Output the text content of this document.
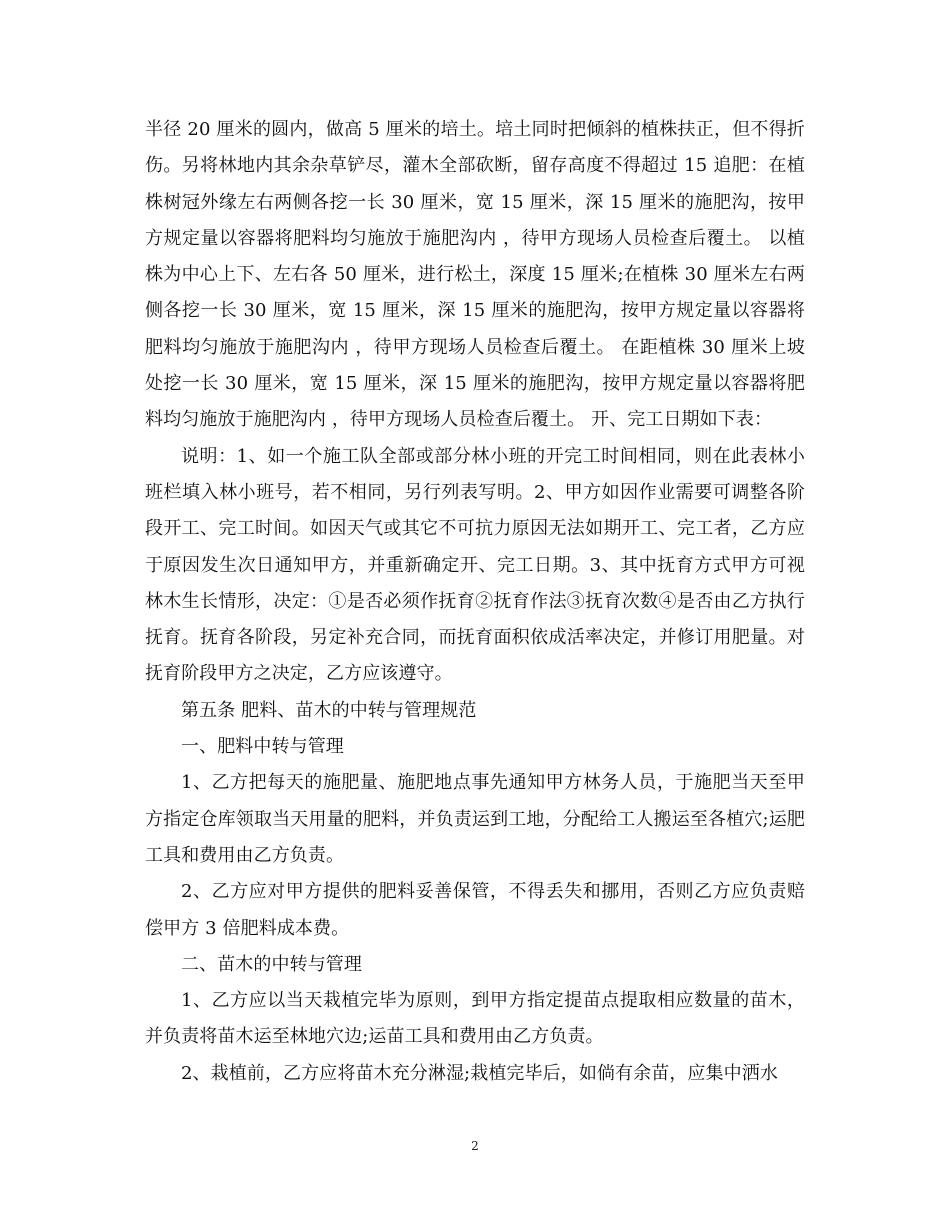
半径 20 厘米的圆内，做高 5 厘米的培土。培土同时把倾斜的植株扶正，但不得折伤。另将林地内其余杂草铲尽，灌木全部砍断，留存高度不得超过 15 追肥：在植株树冠外缘左右两侧各挖一长 30 厘米，宽 15 厘米，深 15 厘米的施肥沟，按甲方规定量以容器将肥料均匀施放于施肥沟内 ，待甲方现场人员检查后覆土。 以植株为中心上下、左右各 50 厘米，进行松土，深度 15 厘米;在植株 30 厘米左右两侧各挖一长 30 厘米，宽 15 厘米，深 15 厘米的施肥沟，按甲方规定量以容器将肥料均匀施放于施肥沟内 ，待甲方现场人员检查后覆土。 在距植株 30 厘米上坡处挖一长 30 厘米，宽 15 厘米，深 15 厘米的施肥沟，按甲方规定量以容器将肥料均匀施放于施肥沟内 ，待甲方现场人员检查后覆土。 开、完工日期如下表：

说明：1、如一个施工队全部或部分林小班的开完工时间相同，则在此表林小班栏填入林小班号，若不相同，另行列表写明。2、甲方如因作业需要可调整各阶段开工、完工时间。如因天气或其它不可抗力原因无法如期开工、完工者，乙方应于原因发生次日通知甲方，并重新确定开、完工日期。3、其中抚育方式甲方可视林木生长情形，决定：①是否必须作抚育②抚育作法③抚育次数④是否由乙方执行抚育。抚育各阶段，另定补充合同，而抚育面积依成活率决定，并修订用肥量。对抚育阶段甲方之决定，乙方应该遵守。

第五条 肥料、苗木的中转与管理规范

一、肥料中转与管理

1、乙方把每天的施肥量、施肥地点事先通知甲方林务人员，于施肥当天至甲方指定仓库领取当天用量的肥料，并负责运到工地，分配给工人搬运至各植穴;运肥工具和费用由乙方负责。

2、乙方应对甲方提供的肥料妥善保管，不得丢失和挪用，否则乙方应负责赔偿甲方 3 倍肥料成本费。

二、苗木的中转与管理

1、乙方应以当天栽植完毕为原则，到甲方指定提苗点提取相应数量的苗木，并负责将苗木运至林地穴边;运苗工具和费用由乙方负责。

2、栽植前，乙方应将苗木充分淋湿;栽植完毕后，如倘有余苗，应集中洒水

2
